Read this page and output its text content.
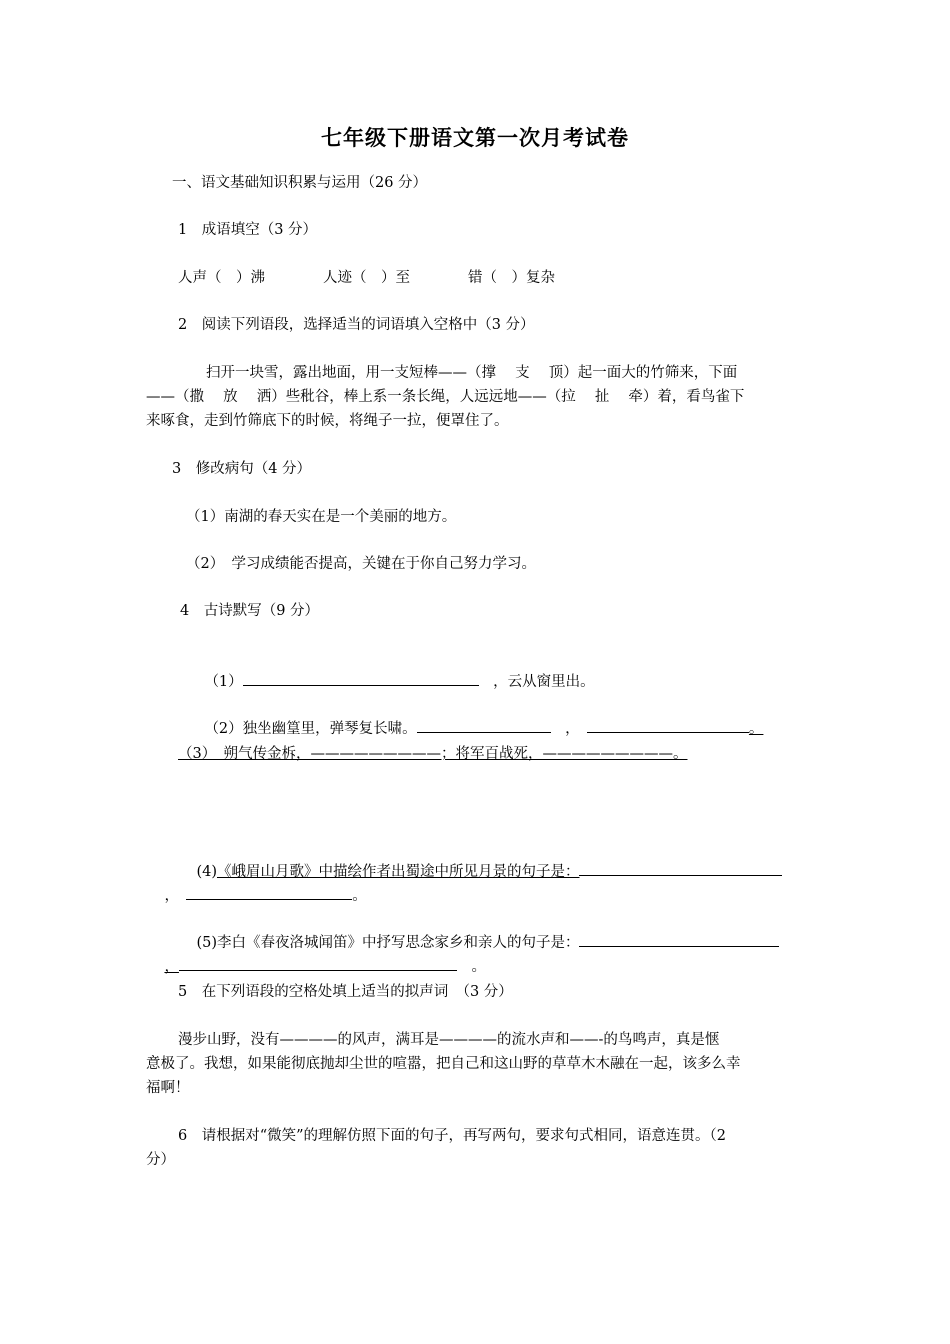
七年级下册语文第一次月考试卷
一、语文基础知识积累与运用（26 分）
1　成语填空（3 分）
人声（　）沸　　　　人迹（　）至　　　　错（　）复杂
2　阅读下列语段，选择适当的词语填入空格中（3 分）
扫开一块雪，露出地面，用一支短棒——（撑　 支　 顶）起一面大的竹筛来，下面
——（撒　 放　 洒）些秕谷，棒上系一条长绳，人远远地——（拉　 扯　 牵）着，看鸟雀下
来啄食，走到竹筛底下的时候，将绳子一拉，便罩住了。
3　修改病句（4 分）
（1）南湖的春天实在是一个美丽的地方。
（2）　学习成绩能否提高，关键在于你自己努力学习。
4　古诗默写（9 分）

（1）　	，云从窗里出。

（2）独坐幽篁里，弹琴复长啸。　	，　	。

（3）　朔气传金柝，—————————；将军百战死，—————————。

(4)《峨眉山月歌》中描绘作者出蜀途中所见月景的句子是：

，　	。

(5)李白《春夜洛城闻笛》中抒写思念家乡和亲人的句子是：

，　	。

5　在下列语段的空格处填上适当的拟声词　（3 分）
漫步山野，没有————的风声，满耳是————的流水声和——-的鸟鸣声，真是惬
意极了。我想，如果能彻底抛却尘世的喧嚣，把自己和这山野的草草木木融在一起，该多么幸
福啊！
6　请根据对“微笑”的理解仿照下面的句子，再写两句，要求句式相同，语意连贯。（2
分）
